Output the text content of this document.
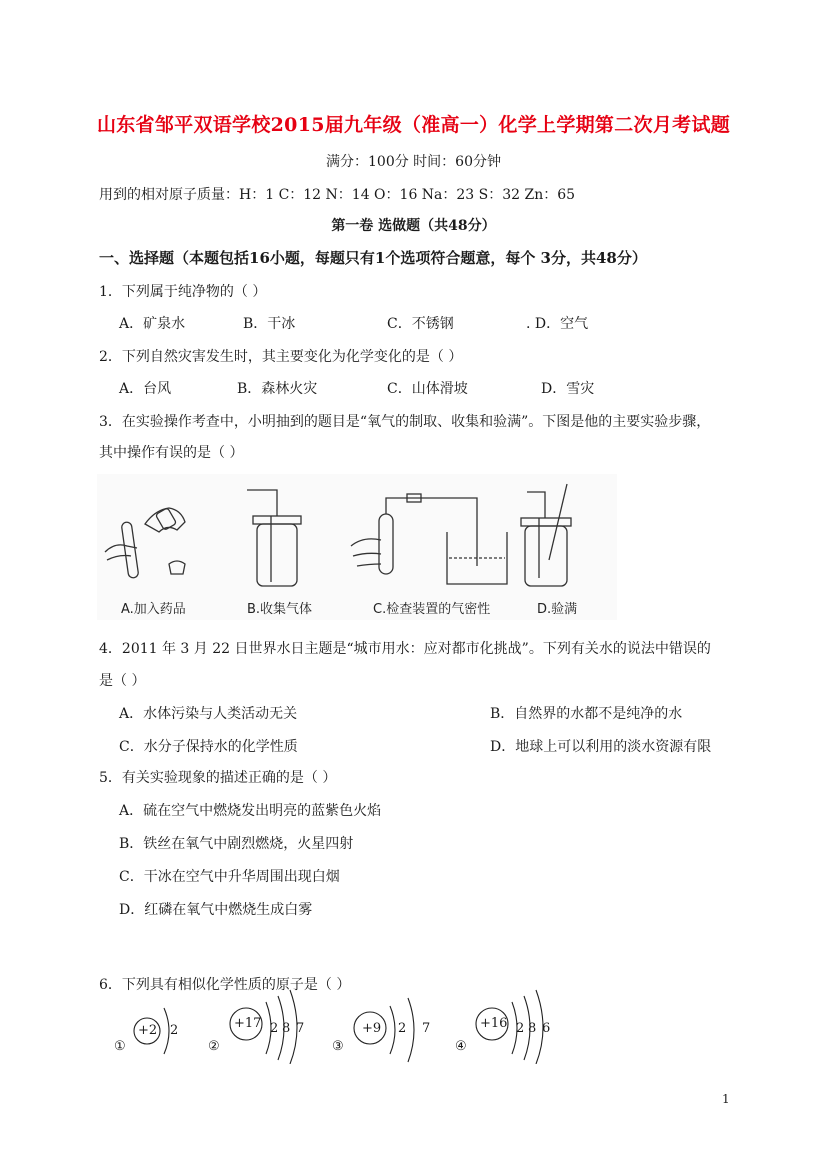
山东省邹平双语学校2015届九年级（准高一）化学上学期第二次月考试题
满分：100分 时间：60分钟
用到的相对原子质量：H：1 C：12 N：14 O：16 Na：23 S：32 Zn：65
第一卷 选做题（共48分）
一、选择题（本题包括16小题，每题只有1个选项符合题意，每个 3分，共48分）
1．下列属于纯净物的（ ）
A．矿泉水	B．干冰	C．不锈钢	. D．空气
2．下列自然灾害发生时，其主要变化为化学变化的是（ ）
A．台风	B．森林火灾	C．山体滑坡	D．雪灾
3．在实验操作考查中，小明抽到的题目是“氧气的制取、收集和验满”。下图是他的主要实验步骤，
其中操作有误的是（ ）
A.加入药品	B.收集气体	C.检查装置的气密性	D.验满
4．2011 年 3 月 22 日世界水日主题是“城市用水：应对都市化挑战”。下列有关水的说法中错误的
是（ ）
A．水体污染与人类活动无关	B．自然界的水都不是纯净的水
C．水分子保持水的化学性质	D．地球上可以利用的淡水资源有限
5．有关实验现象的描述正确的是（ ）
A．硫在空气中燃烧发出明亮的蓝紫色火焰
B．铁丝在氧气中剧烈燃烧，火星四射
C．干冰在空气中升华周围出现白烟
D．红磷在氧气中燃烧生成白雾
6．下列具有相似化学性质的原子是（ ）
①
+2 2
②
+17 2 8 7
③
+9 2 7
④
+16 2 8 6
1
